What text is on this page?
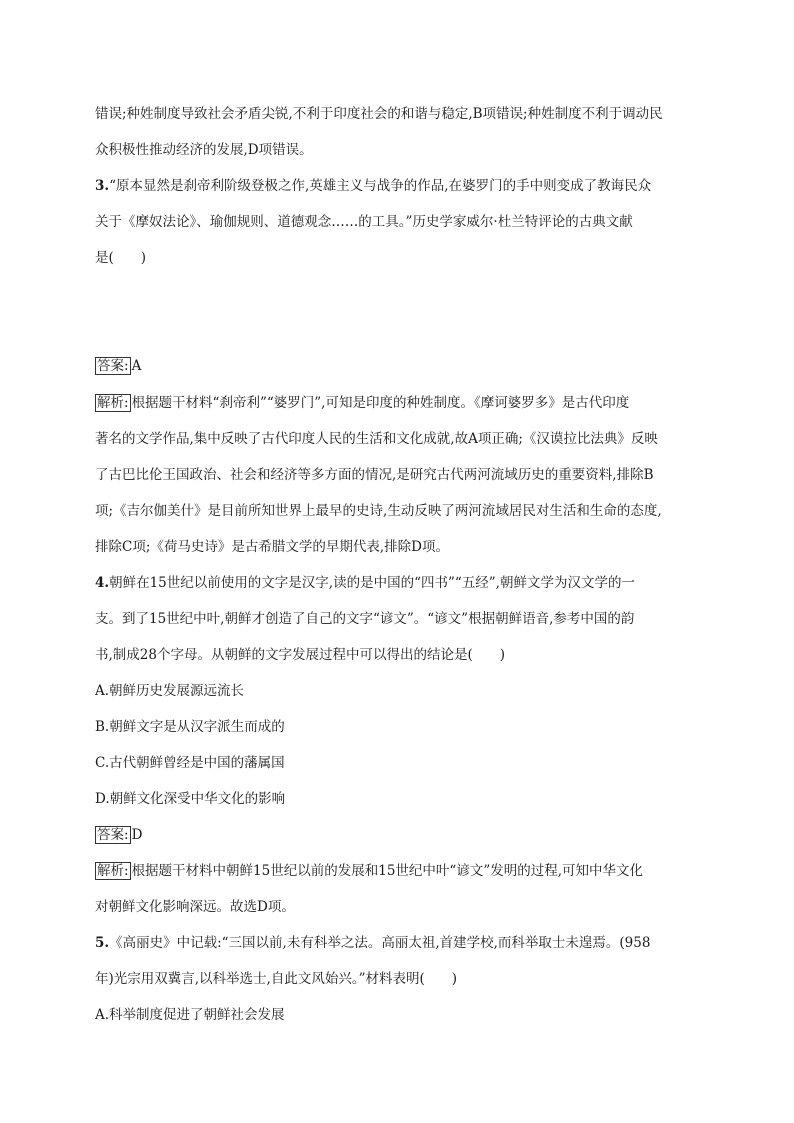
错误;种姓制度导致社会矛盾尖锐,不利于印度社会的和谐与稳定,B项错误;种姓制度不利于调动民
众积极性推动经济的发展,D项错误。
3.“原本显然是刹帝利阶级登极之作,英雄主义与战争的作品,在婆罗门的手中则变成了教诲民众
关于《摩奴法论》、瑜伽规则、道德观念……的工具。”历史学家威尔·杜兰特评论的古典文献
是(　　)
答案: A
解析: 根据题干材料“刹帝利”“婆罗门”,可知是印度的种姓制度。《摩诃婆罗多》是古代印度
著名的文学作品,集中反映了古代印度人民的生活和文化成就,故A项正确;《汉谟拉比法典》反映
了古巴比伦王国政治、社会和经济等多方面的情况,是研究古代两河流域历史的重要资料,排除B
项;《吉尔伽美什》是目前所知世界上最早的史诗,生动反映了两河流域居民对生活和生命的态度,
排除C项;《荷马史诗》是古希腊文学的早期代表,排除D项。
4.朝鲜在15世纪以前使用的文字是汉字,读的是中国的“四书”“五经”,朝鲜文学为汉文学的一
支。到了15世纪中叶,朝鲜才创造了自己的文字“谚文”。“谚文”根据朝鲜语音,参考中国的韵
书,制成28个字母。从朝鲜的文字发展过程中可以得出的结论是(　　)
A.朝鲜历史发展源远流长
B.朝鲜文字是从汉字派生而成的
C.古代朝鲜曾经是中国的藩属国
D.朝鲜文化深受中华文化的影响
答案: D
解析: 根据题干材料中朝鲜15世纪以前的发展和15世纪中叶“谚文”发明的过程,可知中华文化
对朝鲜文化影响深远。故选D项。
5.《高丽史》中记载:“三国以前,未有科举之法。高丽太祖,首建学校,而科举取士未遑焉。(958
年)光宗用双冀言,以科举选士,自此文风始兴。”材料表明(　　)
A.科举制度促进了朝鲜社会发展
